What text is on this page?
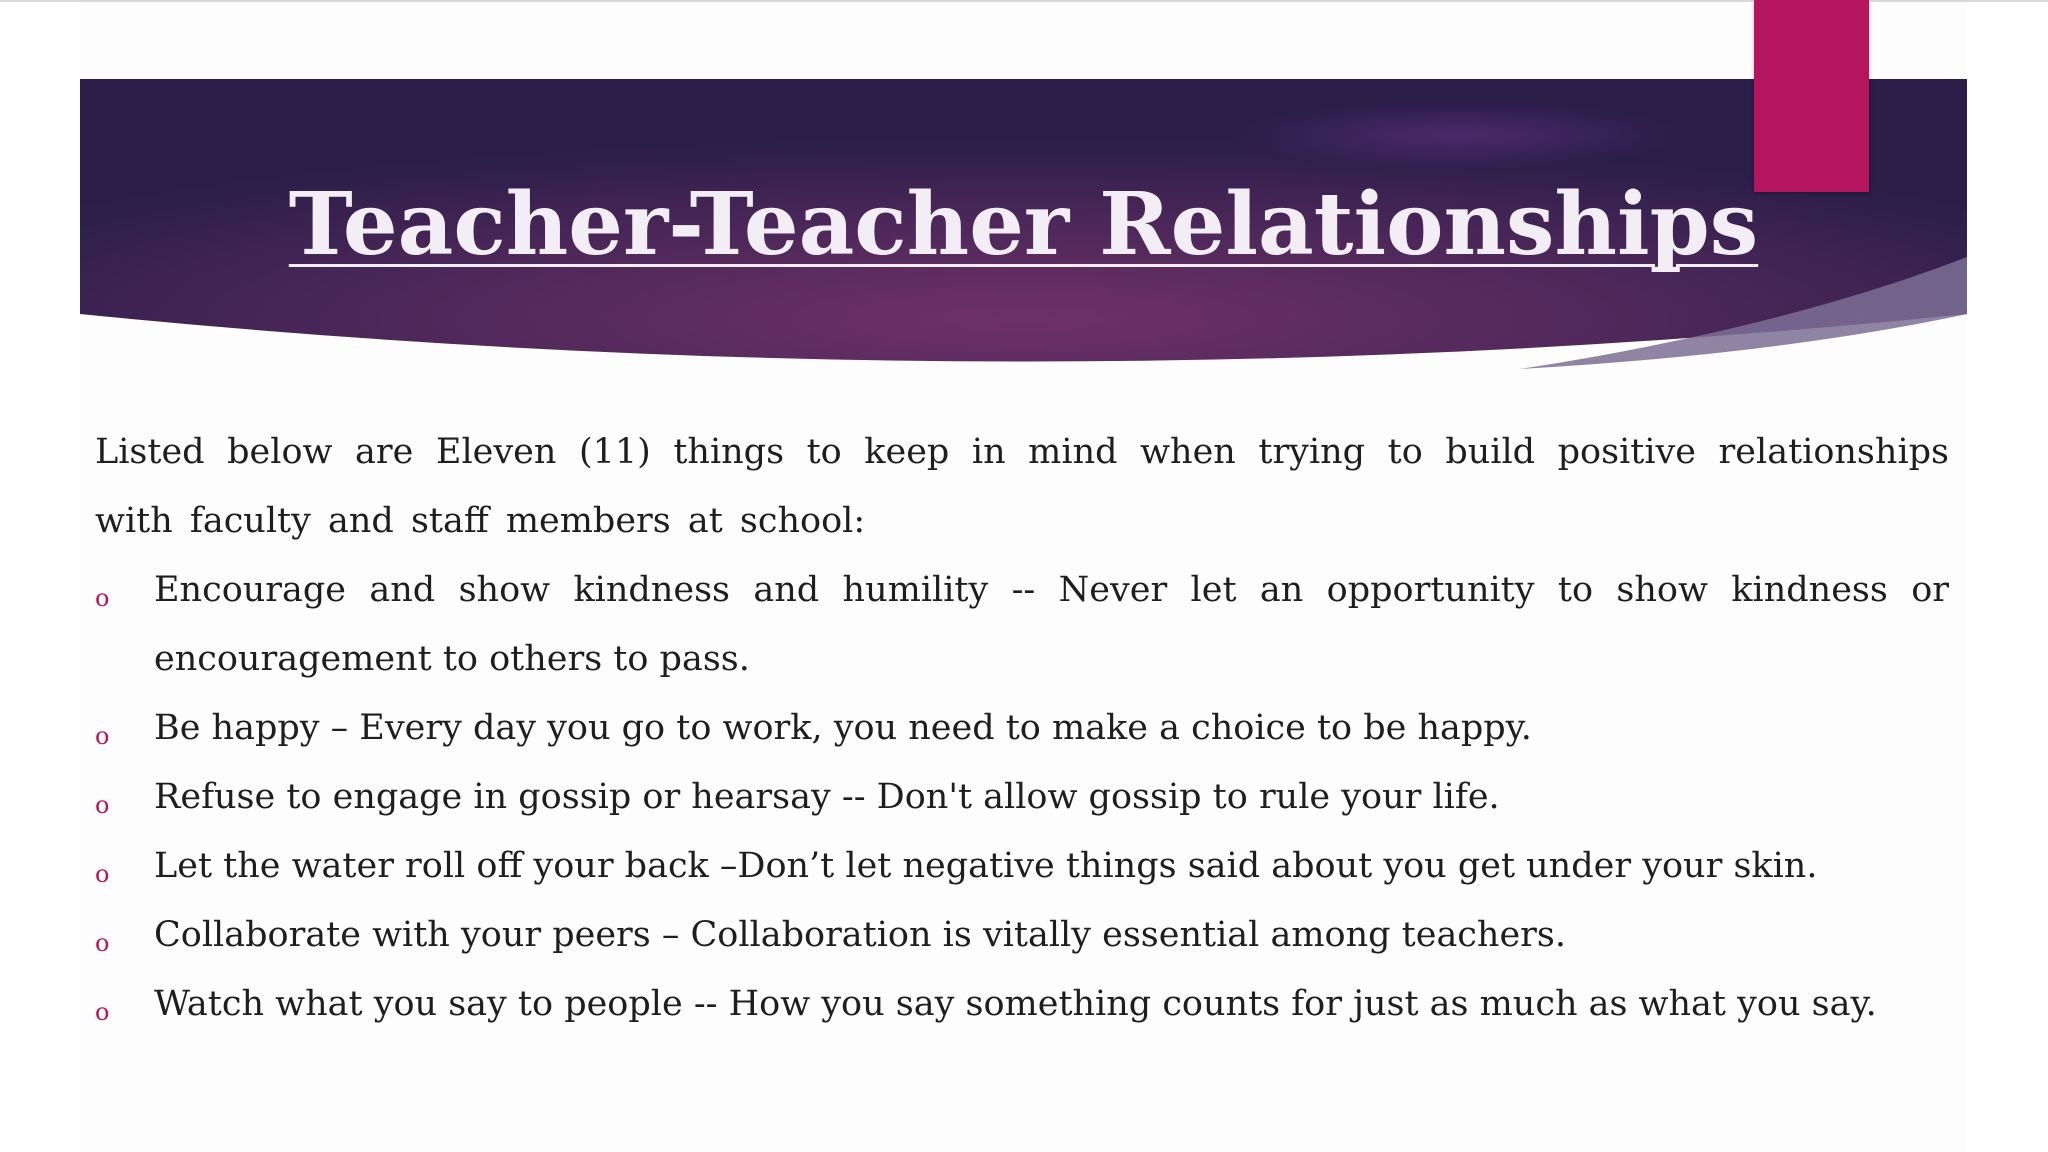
Teacher-Teacher Relationships

Listed below are Eleven (11) things to keep in mind when trying to build positive relationships with faculty and staff members at school:

o Encourage and show kindness and humility -- Never let an opportunity to show kindness or encouragement to others to pass.
o Be happy – Every day you go to work, you need to make a choice to be happy.
o Refuse to engage in gossip or hearsay -- Don't allow gossip to rule your life.
o Let the water roll off your back –Don’t let negative things said about you get under your skin.
o Collaborate with your peers – Collaboration is vitally essential among teachers.
o Watch what you say to people -- How you say something counts for just as much as what you say.
